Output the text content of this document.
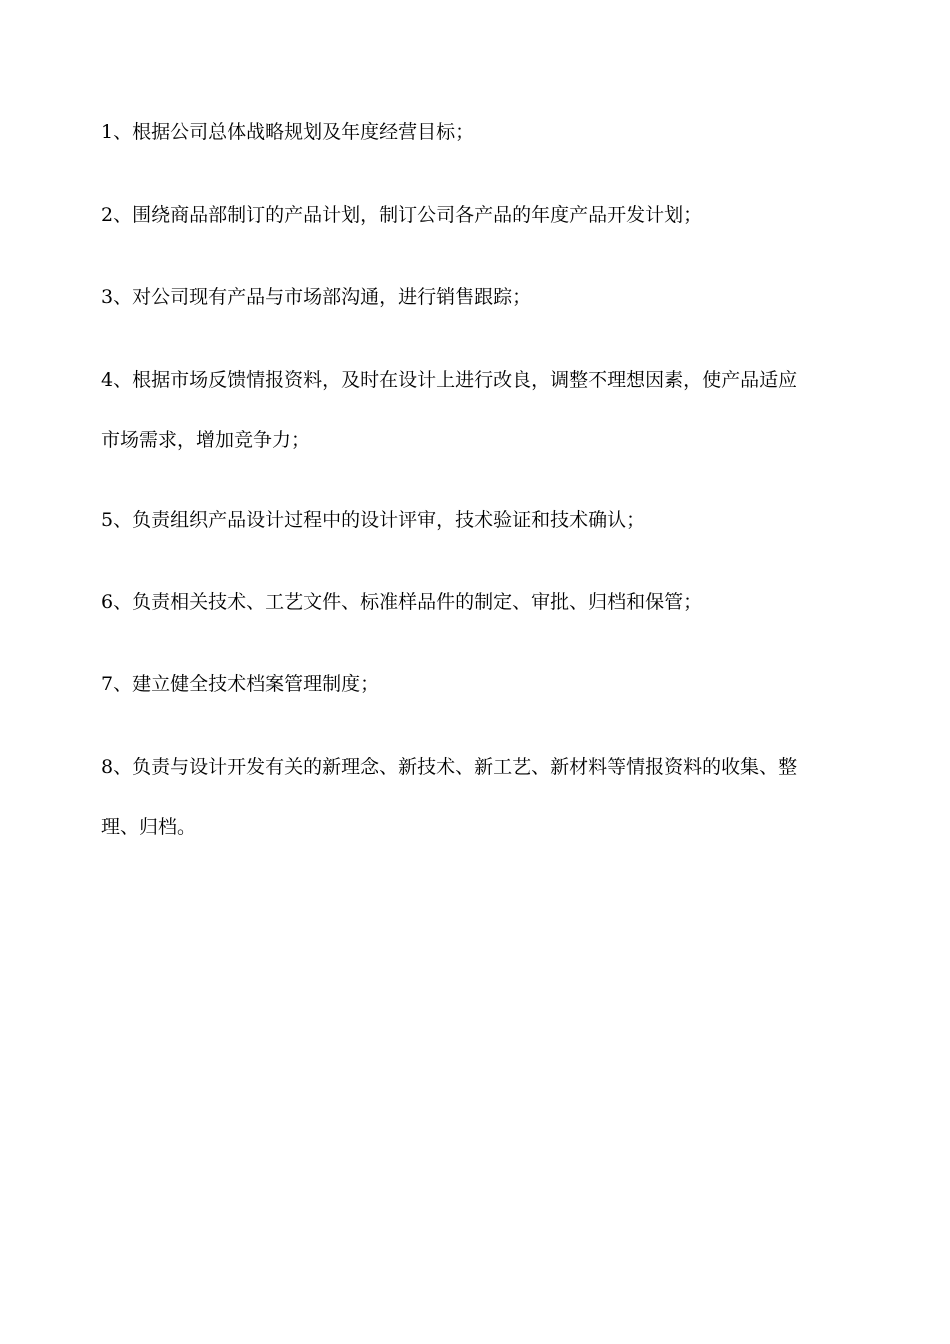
1、根据公司总体战略规划及年度经营目标；

2、围绕商品部制订的产品计划，制订公司各产品的年度产品开发计划；

3、对公司现有产品与市场部沟通，进行销售跟踪；

4、根据市场反馈情报资料，及时在设计上进行改良，调整不理想因素，使产品适应

市场需求，增加竞争力；

5、负责组织产品设计过程中的设计评审，技术验证和技术确认；

6、负责相关技术、工艺文件、标准样品件的制定、审批、归档和保管；

7、建立健全技术档案管理制度；

8、负责与设计开发有关的新理念、新技术、新工艺、新材料等情报资料的收集、整

理、归档。
